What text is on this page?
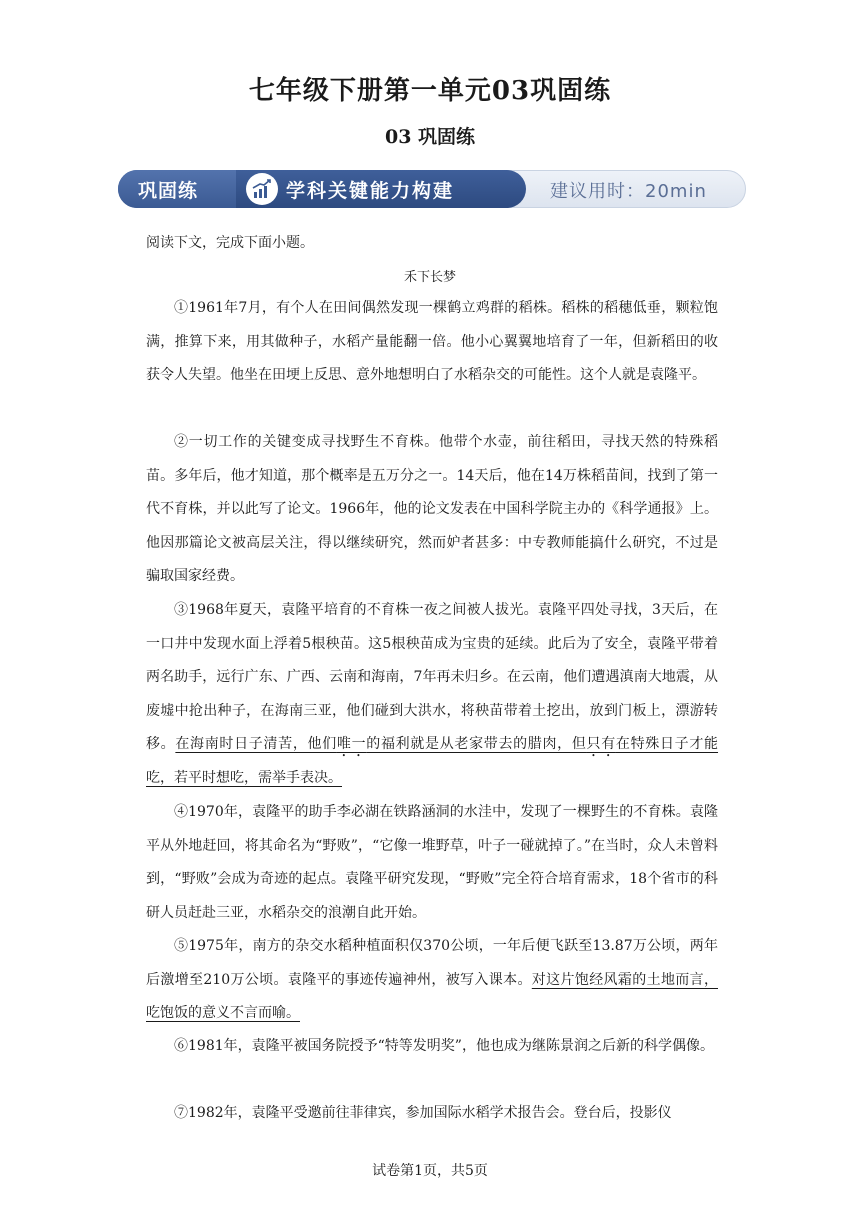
七年级下册第一单元03巩固练
03 巩固练
巩固练	学科关键能力构建	建议用时：20min
阅读下文，完成下面小题。
禾下长梦

①1961年7月，有个人在田间偶然发现一棵鹤立鸡群的稻株。稻株的稻穗低垂，颗粒饱满，推算下来，用其做种子，水稻产量能翻一倍。他小心翼翼地培育了一年，但新稻田的收获令人失望。他坐在田埂上反思、意外地想明白了水稻杂交的可能性。这个人就是袁隆平。

②一切工作的关键变成寻找野生不育株。他带个水壶，前往稻田，寻找天然的特殊稻苗。多年后，他才知道，那个概率是五万分之一。14天后，他在14万株稻苗间，找到了第一代不育株，并以此写了论文。1966年，他的论文发表在中国科学院主办的《科学通报》上。他因那篇论文被高层关注，得以继续研究，然而妒者甚多：中专教师能搞什么研究，不过是骗取国家经费。

③1968年夏天，袁隆平培育的不育株一夜之间被人拔光。袁隆平四处寻找，3天后，在一口井中发现水面上浮着5根秧苗。这5根秧苗成为宝贵的延续。此后为了安全，袁隆平带着两名助手，远行广东、广西、云南和海南，7年再未归乡。在云南，他们遭遇滇南大地震，从废墟中抢出种子，在海南三亚，他们碰到大洪水，将秧苗带着土挖出，放到门板上，漂游转移。在海南时日子清苦，他们唯一的福利就是从老家带去的腊肉，但只有在特殊日子才能吃，若平时想吃，需举手表决。

④1970年，袁隆平的助手李必湖在铁路涵洞的水洼中，发现了一棵野生的不育株。袁隆平从外地赶回，将其命名为“野败”，“它像一堆野草，叶子一碰就掉了。”在当时，众人未曾料到，“野败”会成为奇迹的起点。袁隆平研究发现，“野败”完全符合培育需求，18个省市的科研人员赶赴三亚，水稻杂交的浪潮自此开始。

⑤1975年，南方的杂交水稻种植面积仅370公顷，一年后便飞跃至13.87万公顷，两年后激增至210万公顷。袁隆平的事迹传遍神州，被写入课本。对这片饱经风霜的土地而言，吃饱饭的意义不言而喻。

⑥1981年，袁隆平被国务院授予“特等发明奖”，他也成为继陈景润之后新的科学偶像。

⑦1982年，袁隆平受邀前往菲律宾，参加国际水稻学术报告会。登台后，投影仪

试卷第1页，共5页
